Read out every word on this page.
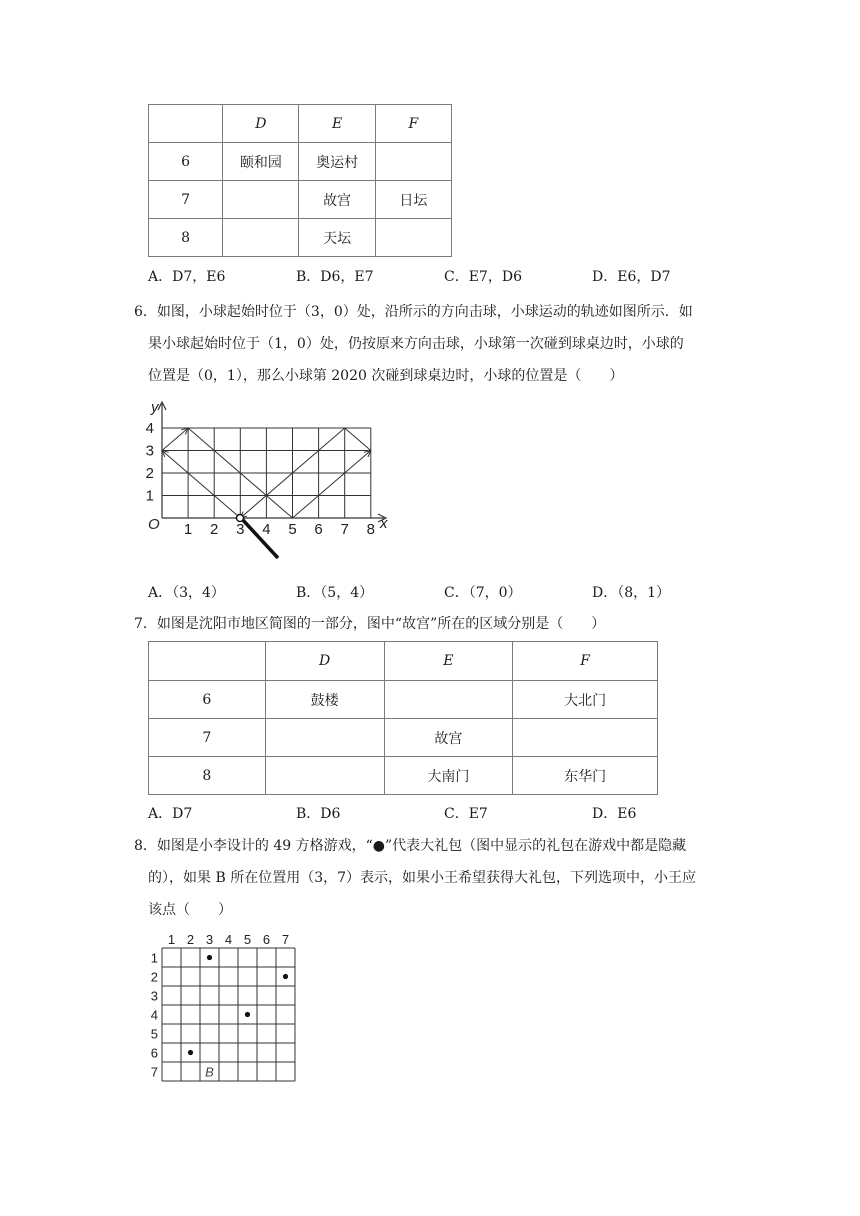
	D	E	F
6	颐和园	奥运村	
7		故宫	日坛
8		天坛	
A．D7，E6	B．D6，E7	C．E7，D6	D．E6，D7

6．如图，小球起始时位于（3，0）处，沿所示的方向击球，小球运动的轨迹如图所示．如

果小球起始时位于（1，0）处，仍按原来方向击球，小球第一次碰到球桌边时，小球的

位置是（0，1），那么小球第 2020 次碰到球桌边时，小球的位置是（　　）

1 2 3 4 5 6 7 8
1
2
3
4
y
x
O
A．（3，4）	B．（5，4）	C．（7，0）	D．（8，1）

7．如图是沈阳市地区简图的一部分，图中“故宫”所在的区域分别是（　　）

	D	E	F
6	鼓楼		大北门
7		故宫	
8		大南门	东华门
A．D7	B．D6	C．E7	D．E6

8．如图是小李设计的 49 方格游戏，“●”代表大礼包（图中显示的礼包在游戏中都是隐藏

的），如果 B 所在位置用（3，7）表示，如果小王希望获得大礼包，下列选项中，小王应

该点（　　）

1 2 3 4 5 6 7
1
2
3
4
5
6
7	B
